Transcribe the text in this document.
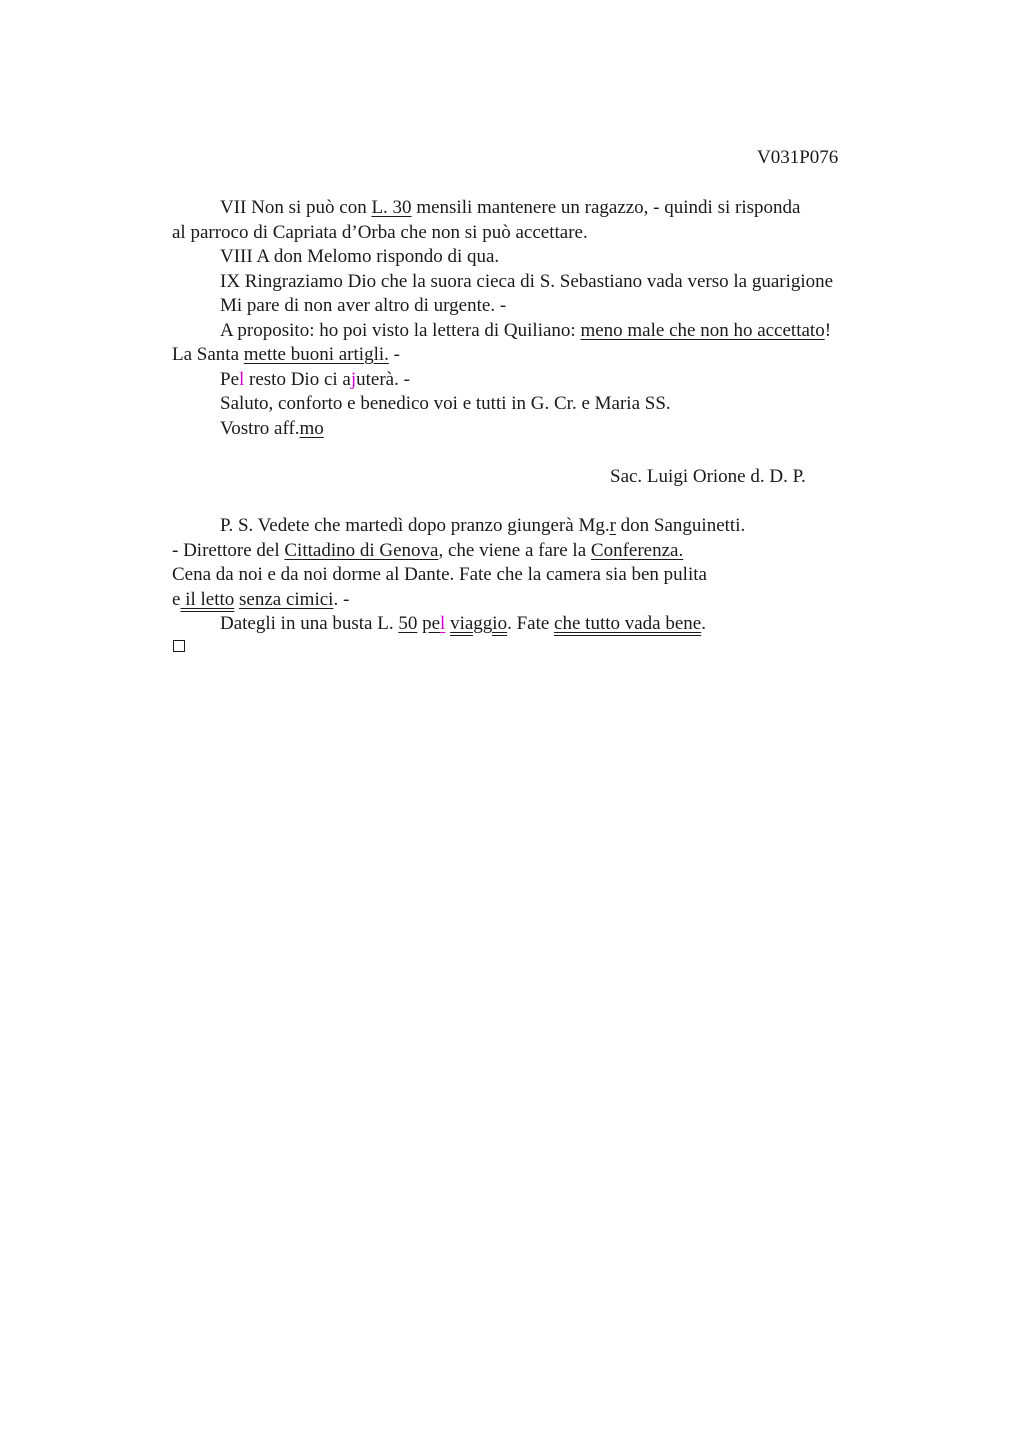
V031P076
VII Non si può con L. 30 mensili mantenere un ragazzo, - quindi si risponda
al parroco di Capriata d’Orba che non si può accettare.
VIII A don Melomo rispondo di qua.
IX Ringraziamo Dio che la suora cieca di S. Sebastiano vada verso la guarigione
Mi pare di non aver altro di urgente. -
A proposito: ho poi visto la lettera di Quiliano: meno male che non ho accettato!
La Santa mette buoni artigli. -
Pel resto Dio ci ajuterà. -
Saluto, conforto e benedico voi e tutti in G. Cr. e Maria SS.
Vostro aff.mo
Sac. Luigi Orione d. D. P.
P. S. Vedete che martedì dopo pranzo giungerà Mg.r don Sanguinetti.
- Direttore del Cittadino di Genova, che viene a fare la Conferenza.
Cena da noi e da noi dorme al Dante. Fate che la camera sia ben pulita
e il letto senza cimici. -
Dategli in una busta L. 50 pel viaggio. Fate che tutto vada bene.
